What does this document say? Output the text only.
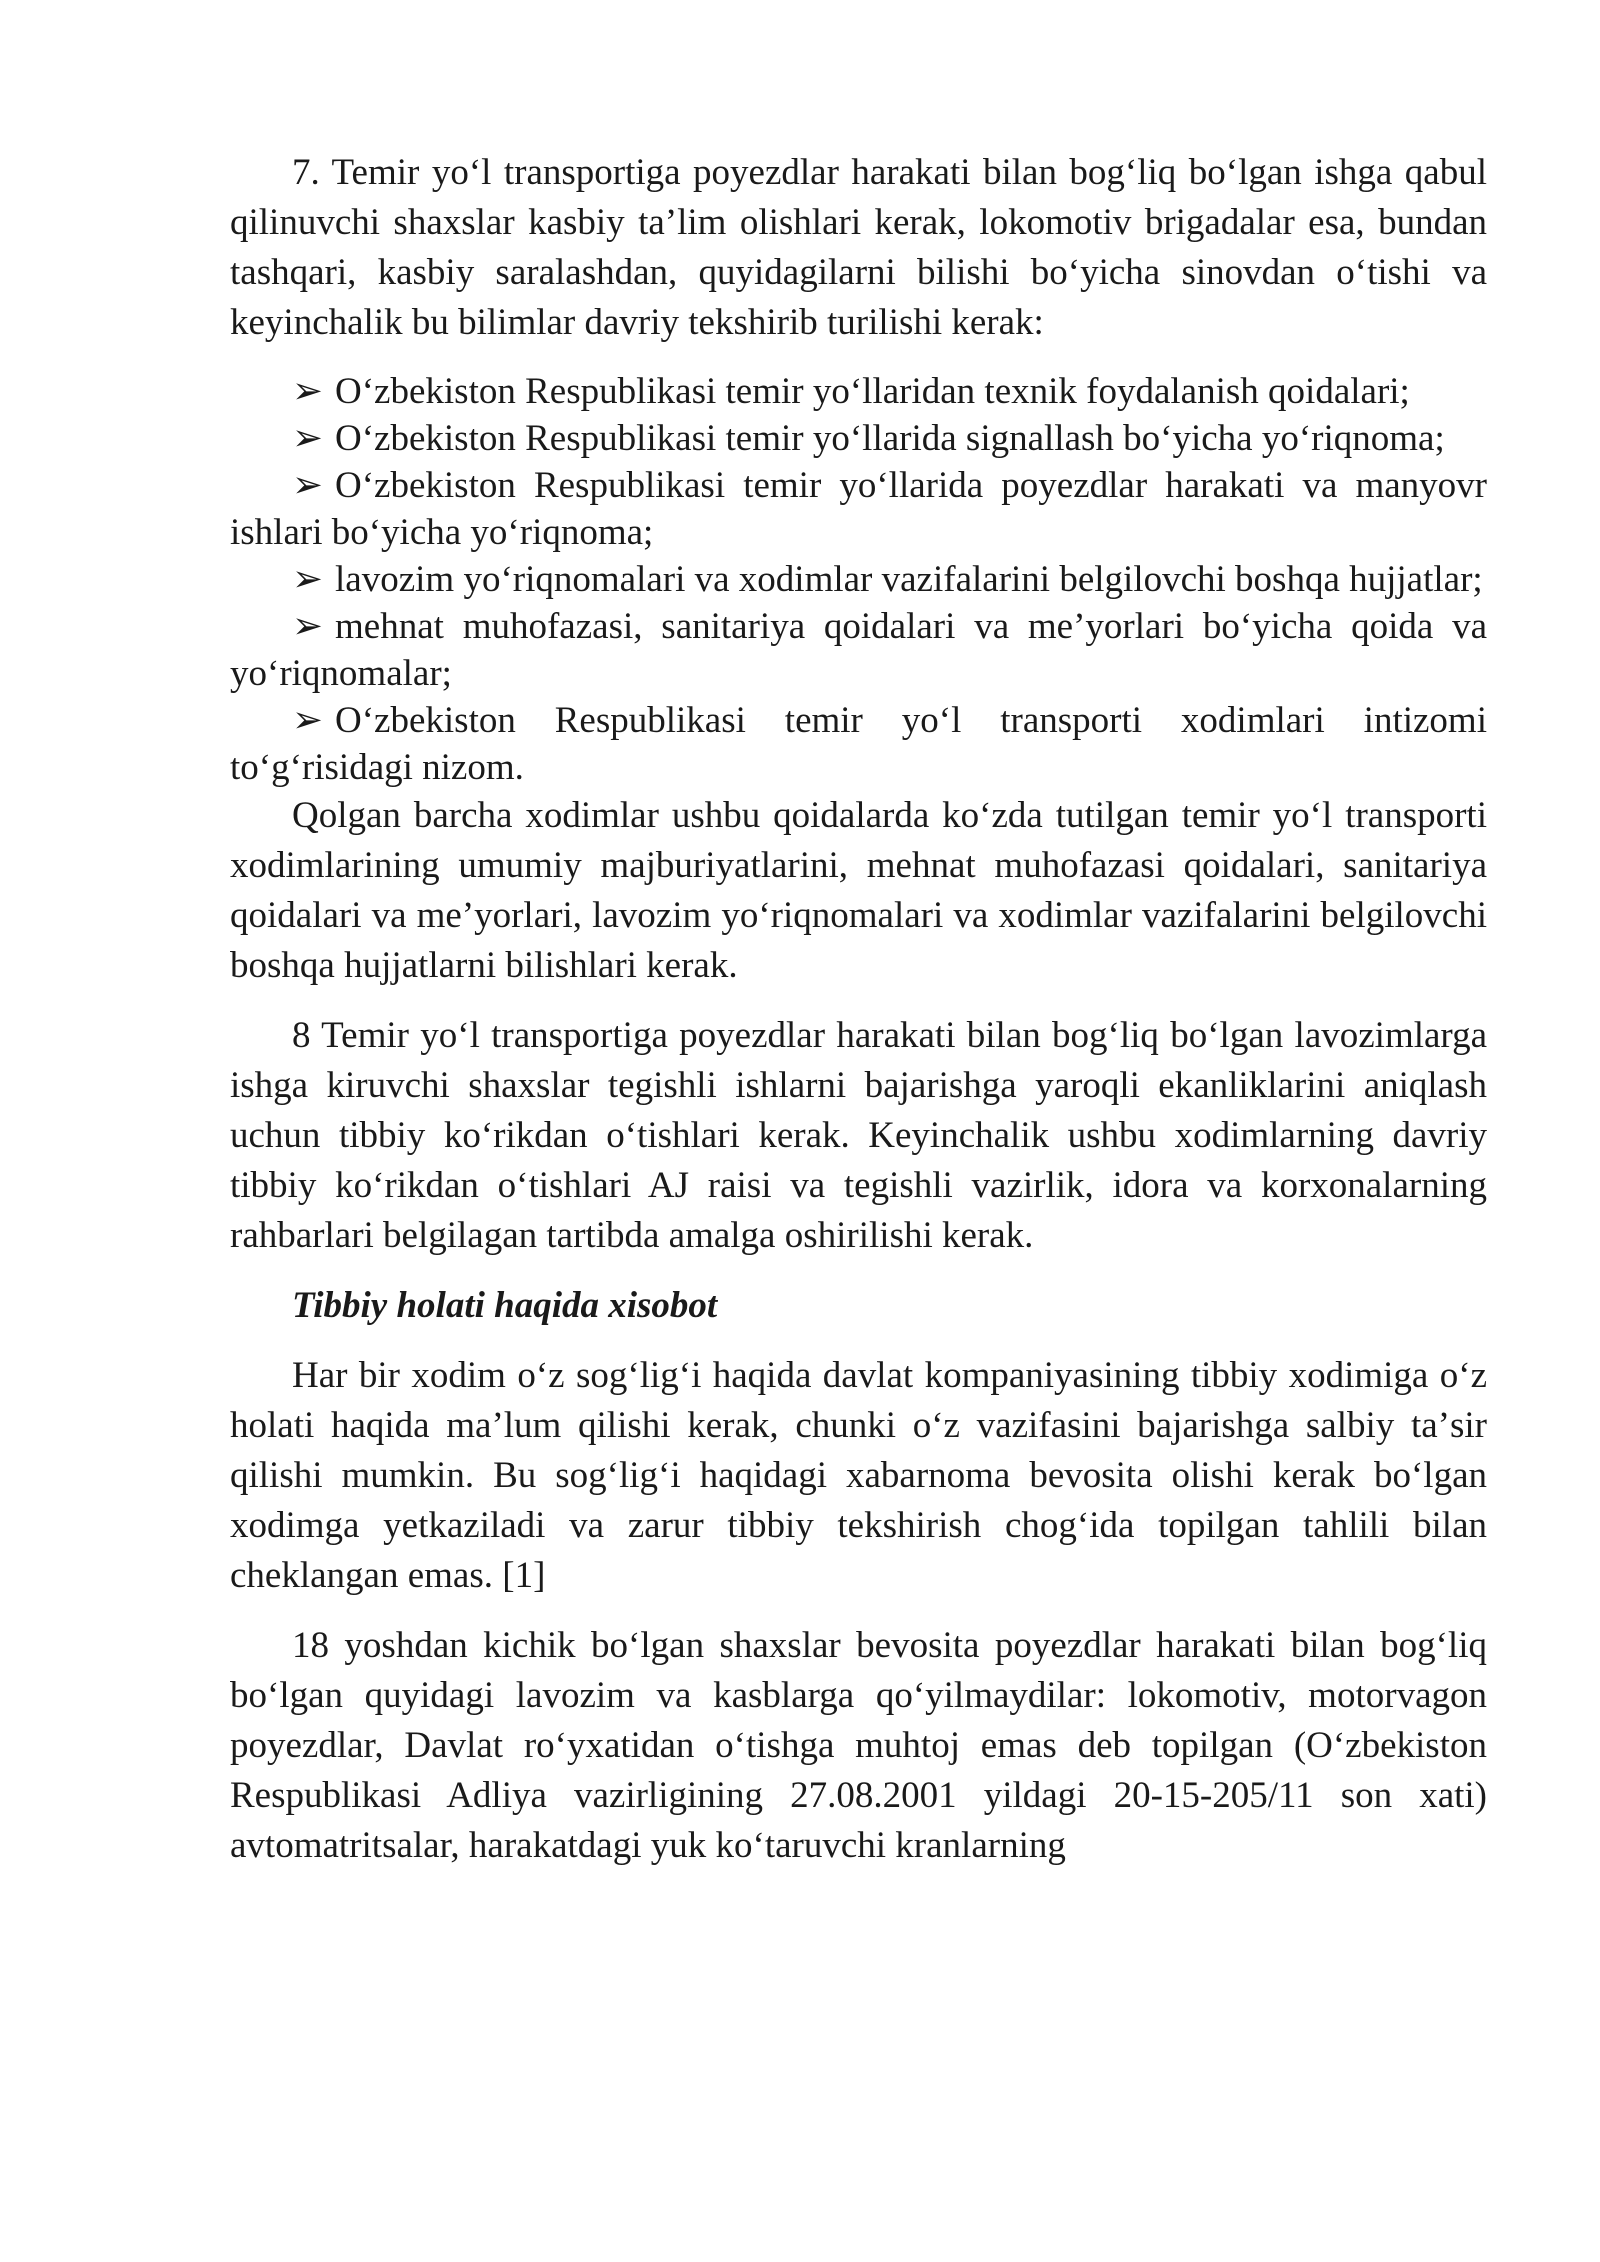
7. Temir yoʻl transportiga poyezdlar harakati bilan bogʻliq boʻlgan ishga qabul qilinuvchi shaxslar kasbiy taʼlim olishlari kerak, lokomotiv brigadalar esa, bundan tashqari, kasbiy saralashdan, quyidagilarni bilishi boʻyicha sinovdan oʻtishi va keyinchalik bu bilimlar davriy tekshirib turilishi kerak:

➢ Oʻzbekiston Respublikasi temir yoʻllaridan texnik foydalanish qoidalari;

➢ Oʻzbekiston Respublikasi temir yoʻllarida signallash boʻyicha yoʻriqnoma;

➢ Oʻzbekiston Respublikasi temir yoʻllarida poyezdlar harakati va manyovr ishlari boʻyicha yoʻriqnoma;

➢ lavozim yoʻriqnomalari va xodimlar vazifalarini belgilovchi boshqa hujjatlar;

➢ mehnat muhofazasi, sanitariya qoidalari va meʼyorlari boʻyicha qoida va yoʻriqnomalar;

➢ Oʻzbekiston Respublikasi temir yoʻl transporti xodimlari intizomi toʻgʻrisidagi nizom.

Qolgan barcha xodimlar ushbu qoidalarda koʻzda tutilgan temir yoʻl transporti xodimlarining umumiy majburiyatlarini, mehnat muhofazasi qoidalari, sanitariya qoidalari va meʼyorlari, lavozim yoʻriqnomalari va xodimlar vazifalarini belgilovchi boshqa hujjatlarni bilishlari kerak.

8 Temir yoʻl transportiga poyezdlar harakati bilan bogʻliq boʻlgan lavozimlarga ishga kiruvchi shaxslar tegishli ishlarni bajarishga yaroqli ekanliklarini aniqlash uchun tibbiy koʻrikdan oʻtishlari kerak. Keyinchalik ushbu xodimlarning davriy tibbiy koʻrikdan oʻtishlari AJ raisi va tegishli vazirlik, idora va korxonalarning rahbarlari belgilagan tartibda amalga oshirilishi kerak.

Tibbiy holati haqida xisobot

Har bir xodim oʻz sogʻligʻi haqida davlat kompaniyasining tibbiy xodimiga oʻz holati haqida maʼlum qilishi kerak, chunki oʻz vazifasini bajarishga salbiy taʼsir qilishi mumkin. Bu sogʻligʻi haqidagi xabarnoma bevosita olishi kerak boʻlgan xodimga yetkaziladi va zarur tibbiy tekshirish chogʻida topilgan tahlili bilan cheklangan emas. [1]

18 yoshdan kichik boʻlgan shaxslar bevosita poyezdlar harakati bilan bogʻliq boʻlgan quyidagi lavozim va kasblarga qoʻyilmaydilar: lokomotiv, motorvagon poyezdlar, Davlat roʻyxatidan oʻtishga muhtoj emas deb topilgan (Oʻzbekiston Respublikasi Adliya vazirligining 27.08.2001 yildagi 20-15-205/11 son xati) avtomatritsalar, harakatdagi yuk koʻtaruvchi kranlarning
